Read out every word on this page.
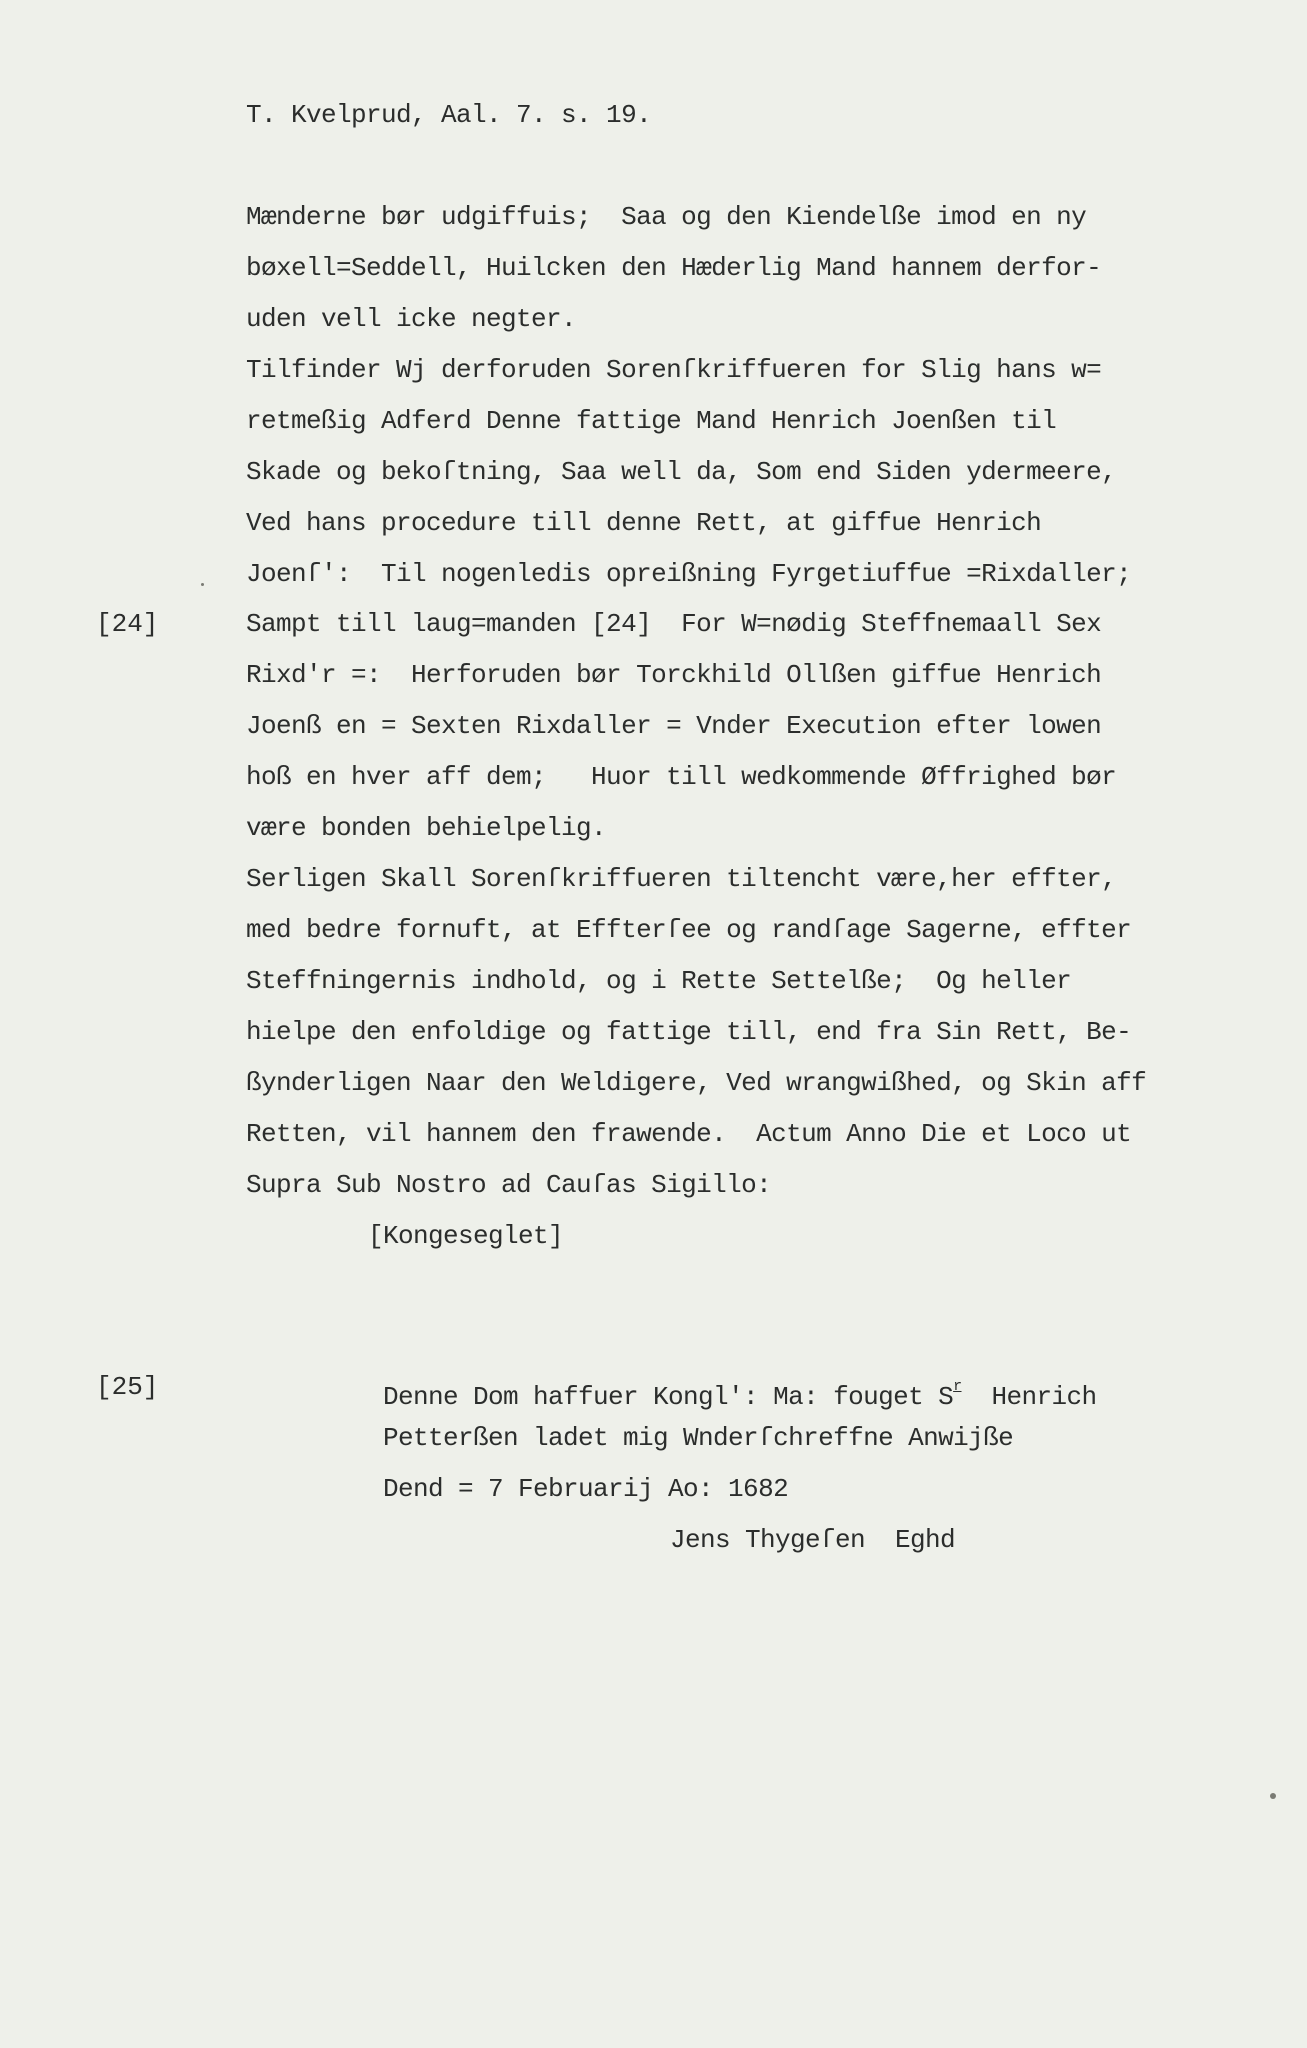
T. Kvelprud, Aal. 7. s. 19.
Mænderne bør udgiffuis;  Saa og den Kiendelße imod en ny
bøxell=Seddell, Huilcken den Hæderlig Mand hannem derfor-
uden vell icke negter.
Tilfinder Wj derforuden Sorenſkriffueren for Slig hans w=
retmeßig Adferd Denne fattige Mand Henrich Joenßen til
Skade og bekoſtning, Saa well da, Som end Siden ydermeere,
Ved hans procedure till denne Rett, at giffue Henrich
Joenſ':  Til nogenledis opreißning Fyrgetiuffue =Rixdaller;
[24]	Sampt till laug=manden [24]  For W=nødig Steffnemaall Sex
Rixd'r =:  Herforuden bør Torckhild Ollßen giffue Henrich
Joenß en = Sexten Rixdaller = Vnder Execution efter lowen
hoß en hver aff dem;   Huor till wedkommende Øffrighed bør
være bonden behielpelig.
Serligen Skall Sorenſkriffueren tiltencht være,her effter,
med bedre fornuft, at Effterſee og randſage Sagerne, effter
Steffningernis indhold, og i Rette Settelße;  Og heller
hielpe den enfoldige og fattige till, end fra Sin Rett, Be-
ßynderligen Naar den Weldigere, Ved wrangwißhed, og Skin aff
Retten, vil hannem den frawende.  Actum Anno Die et Loco ut
Supra Sub Nostro ad Cauſas Sigillo:
[Kongeseglet]
[25]	Denne Dom haffuer Kongl': Ma: fouget $S^r$  Henrich
Petterßen ladet mig Wnderſchreffne Anwijße
Dend = 7 Februarij Ao: 1682
Jens Thygeſen  Eghd
